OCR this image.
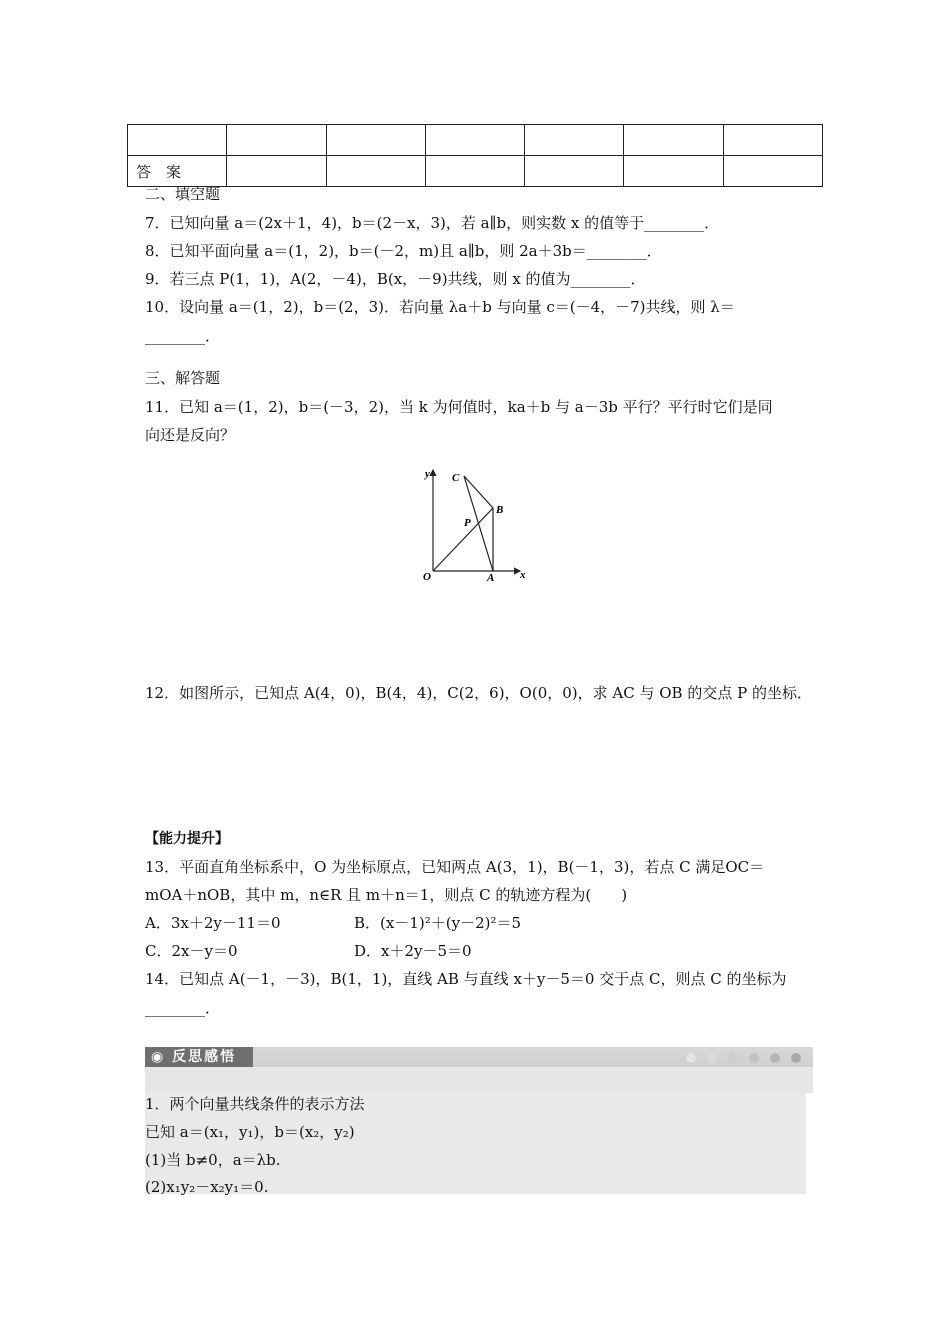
答　案						
二、填空题
7．已知向量 a＝(2x＋1，4)，b＝(2－x，3)，若 a∥b，则实数 x 的值等于________．
8．已知平面向量 a＝(1，2)，b＝(－2，m)且 a∥b，则 2a＋3b＝________．
9．若三点 P(1，1)，A(2，－4)，B(x，－9)共线，则 x 的值为________．
10．设向量 a＝(1，2)，b＝(2，3)．若向量 λa＋b 与向量 c＝(－4，－7)共线，则 λ＝
________．
三、解答题
11．已知 a＝(1，2)，b＝(－3，2)，当 k 为何值时，ka＋b 与 a－3b 平行？平行时它们是同
向还是反向？
y
x
C
B
P
O	A
12．如图所示，已知点 A(4，0)，B(4，4)，C(2，6)，O(0，0)，求 AC 与 OB 的交点 P 的坐标．
【能力提升】
13．平面直角坐标系中，O 为坐标原点，已知两点 A(3，1)，B(－1，3)，若点 C 满足OC＝
mOA＋nOB，其中 m，n∈R 且 m＋n＝1，则点 C 的轨迹方程为(　　)
A．3x＋2y－11＝0	B．(x－1)²＋(y－2)²＝5
C．2x－y＝0	D．x＋2y－5＝0
14．已知点 A(－1，－3)，B(1，1)，直线 AB 与直线 x＋y－5＝0 交于点 C，则点 C 的坐标为
________．
◉ 反思感悟
1．两个向量共线条件的表示方法
已知 a＝(x₁，y₁)，b＝(x₂，y₂)
(1)当 b≠0，a＝λb.
(2)x₁y₂－x₂y₁＝0.
